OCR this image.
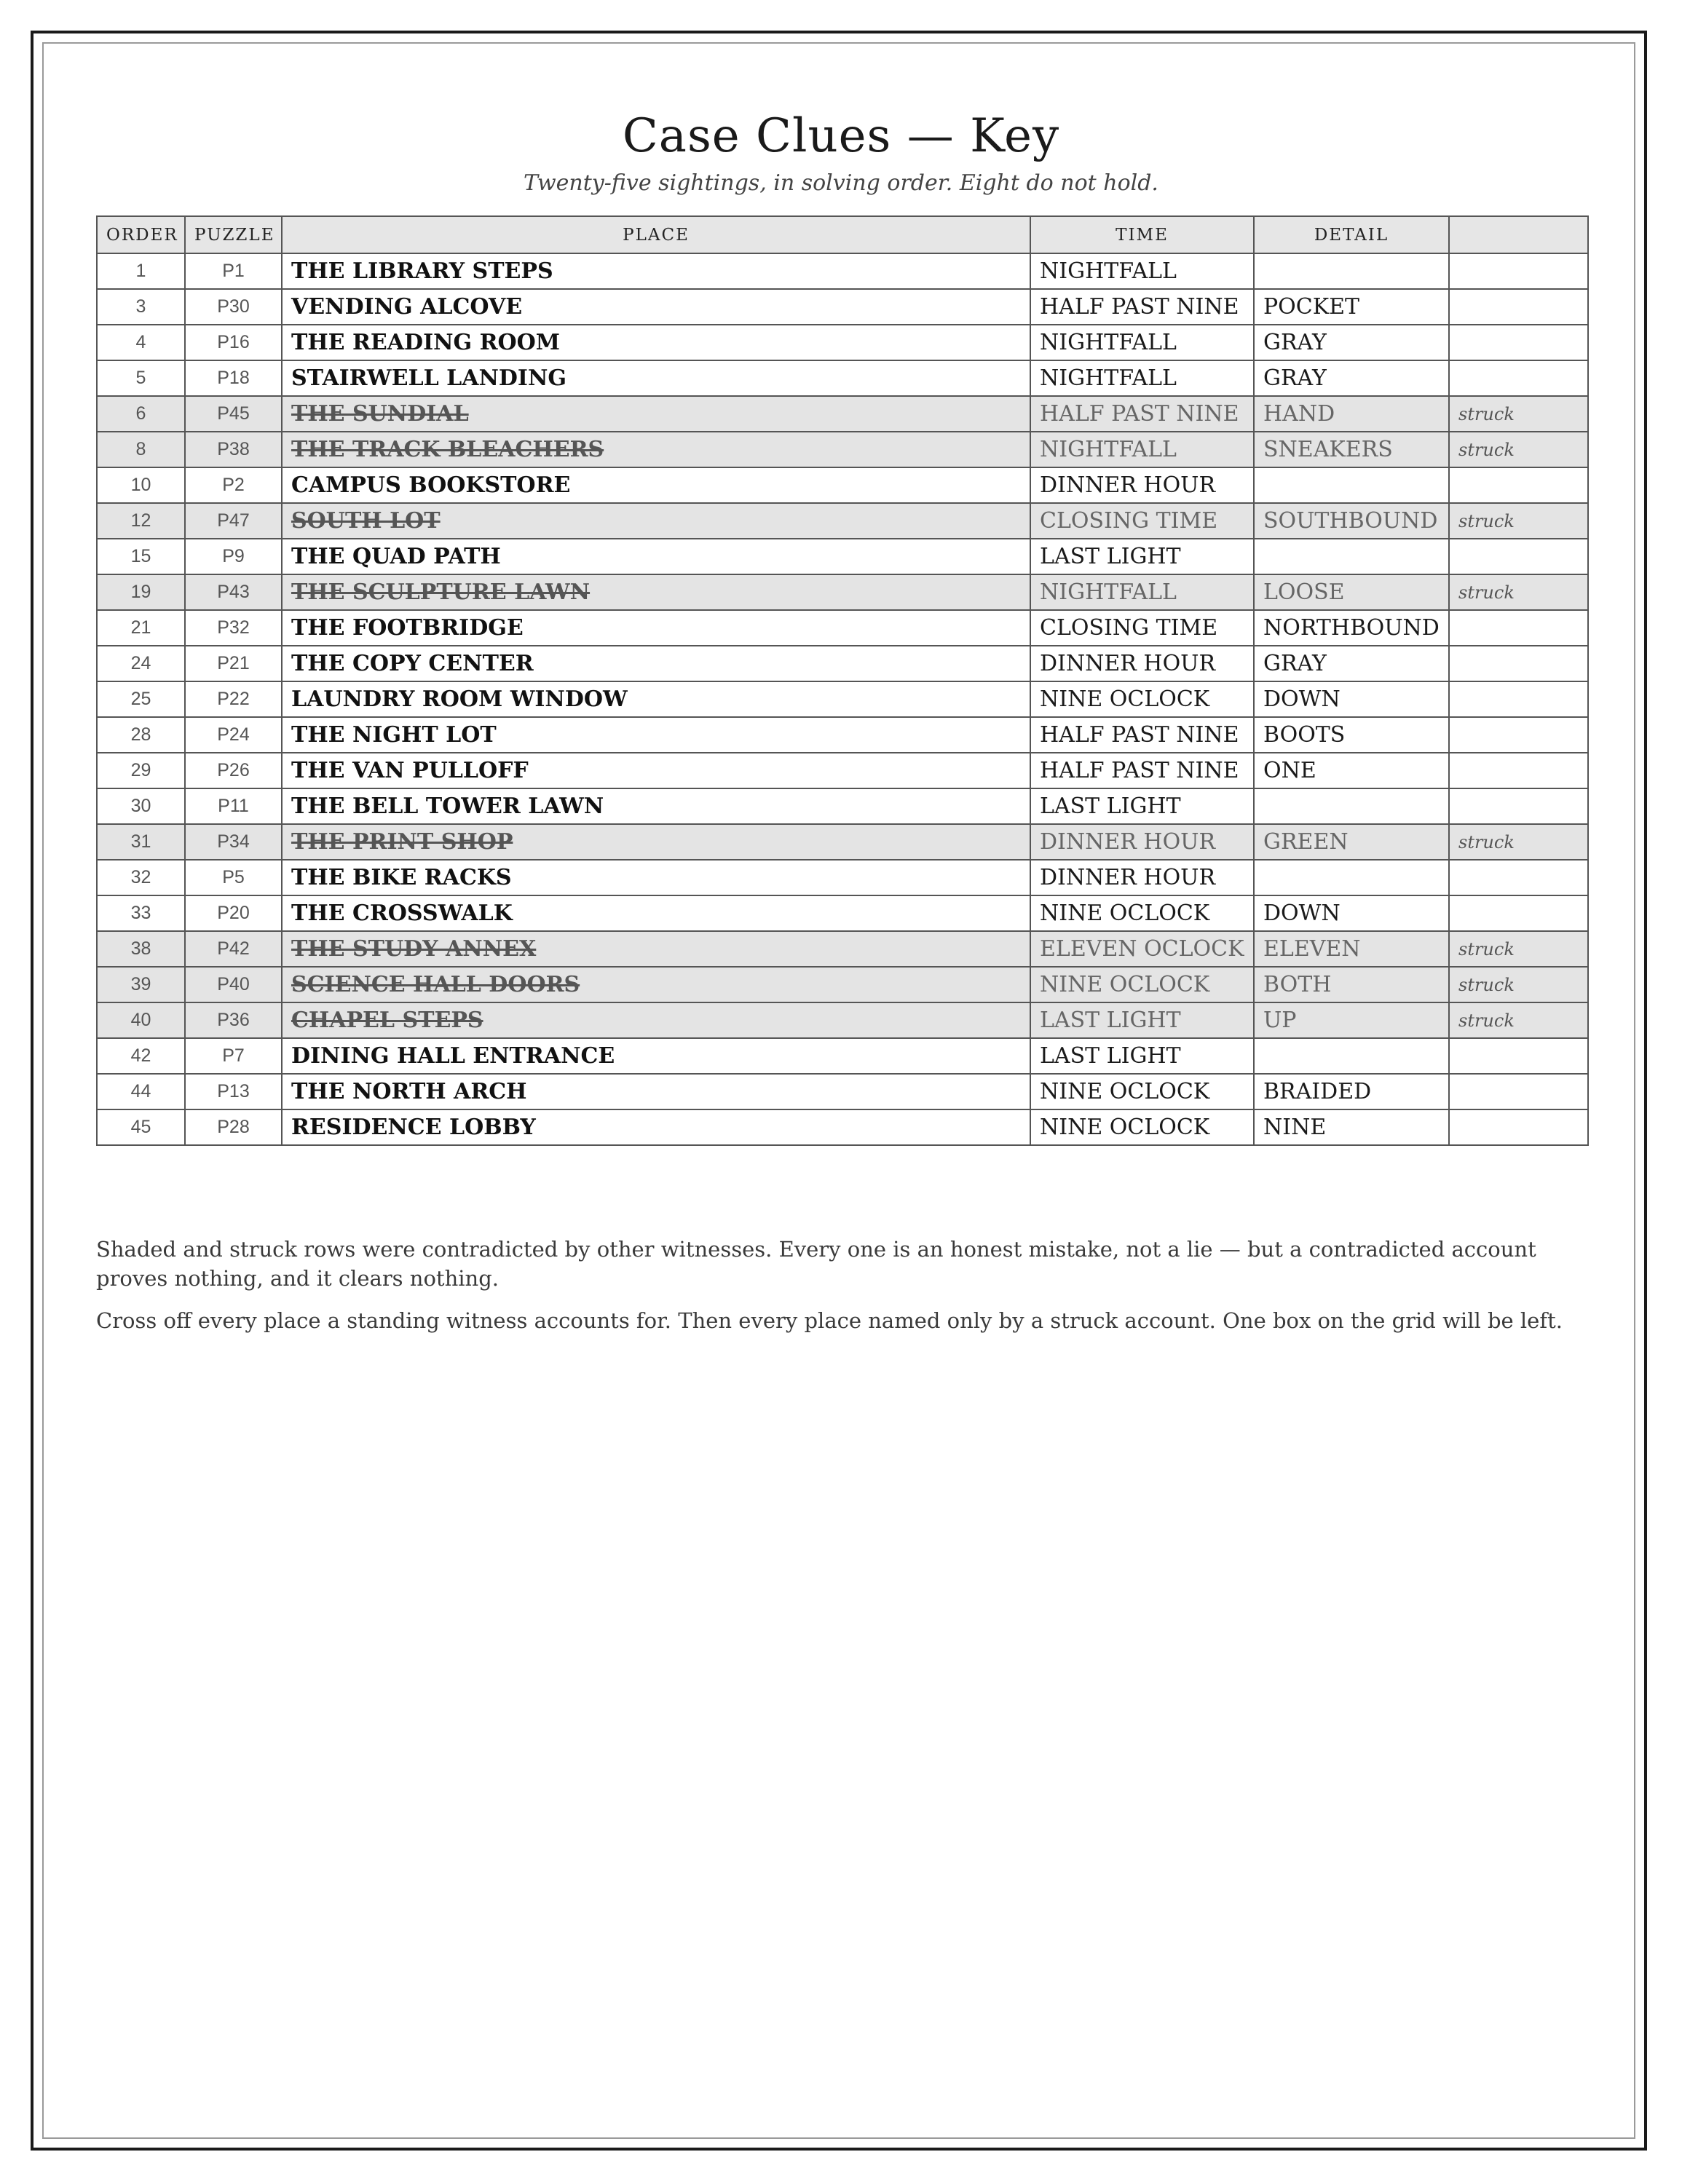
Case Clues — Key

Twenty-five sightings, in solving order. Eight do not hold.

ORDER	PUZZLE	PLACE	TIME	DETAIL	
1	P1	THE LIBRARY STEPS	NIGHTFALL		
3	P30	VENDING ALCOVE	HALF PAST NINE	POCKET	
4	P16	THE READING ROOM	NIGHTFALL	GRAY	
5	P18	STAIRWELL LANDING	NIGHTFALL	GRAY	
6	P45	THE SUNDIAL	HALF PAST NINE	HAND	struck
8	P38	THE TRACK BLEACHERS	NIGHTFALL	SNEAKERS	struck
10	P2	CAMPUS BOOKSTORE	DINNER HOUR		
12	P47	SOUTH LOT	CLOSING TIME	SOUTHBOUND	struck
15	P9	THE QUAD PATH	LAST LIGHT		
19	P43	THE SCULPTURE LAWN	NIGHTFALL	LOOSE	struck
21	P32	THE FOOTBRIDGE	CLOSING TIME	NORTHBOUND	
24	P21	THE COPY CENTER	DINNER HOUR	GRAY	
25	P22	LAUNDRY ROOM WINDOW	NINE OCLOCK	DOWN	
28	P24	THE NIGHT LOT	HALF PAST NINE	BOOTS	
29	P26	THE VAN PULLOFF	HALF PAST NINE	ONE	
30	P11	THE BELL TOWER LAWN	LAST LIGHT		
31	P34	THE PRINT SHOP	DINNER HOUR	GREEN	struck
32	P5	THE BIKE RACKS	DINNER HOUR		
33	P20	THE CROSSWALK	NINE OCLOCK	DOWN	
38	P42	THE STUDY ANNEX	ELEVEN OCLOCK	ELEVEN	struck
39	P40	SCIENCE HALL DOORS	NINE OCLOCK	BOTH	struck
40	P36	CHAPEL STEPS	LAST LIGHT	UP	struck
42	P7	DINING HALL ENTRANCE	LAST LIGHT		
44	P13	THE NORTH ARCH	NINE OCLOCK	BRAIDED	
45	P28	RESIDENCE LOBBY	NINE OCLOCK	NINE	

Shaded and struck rows were contradicted by other witnesses. Every one is an honest mistake, not a lie — but a contradicted account proves nothing, and it clears nothing.

Cross off every place a standing witness accounts for. Then every place named only by a struck account. One box on the grid will be left.
